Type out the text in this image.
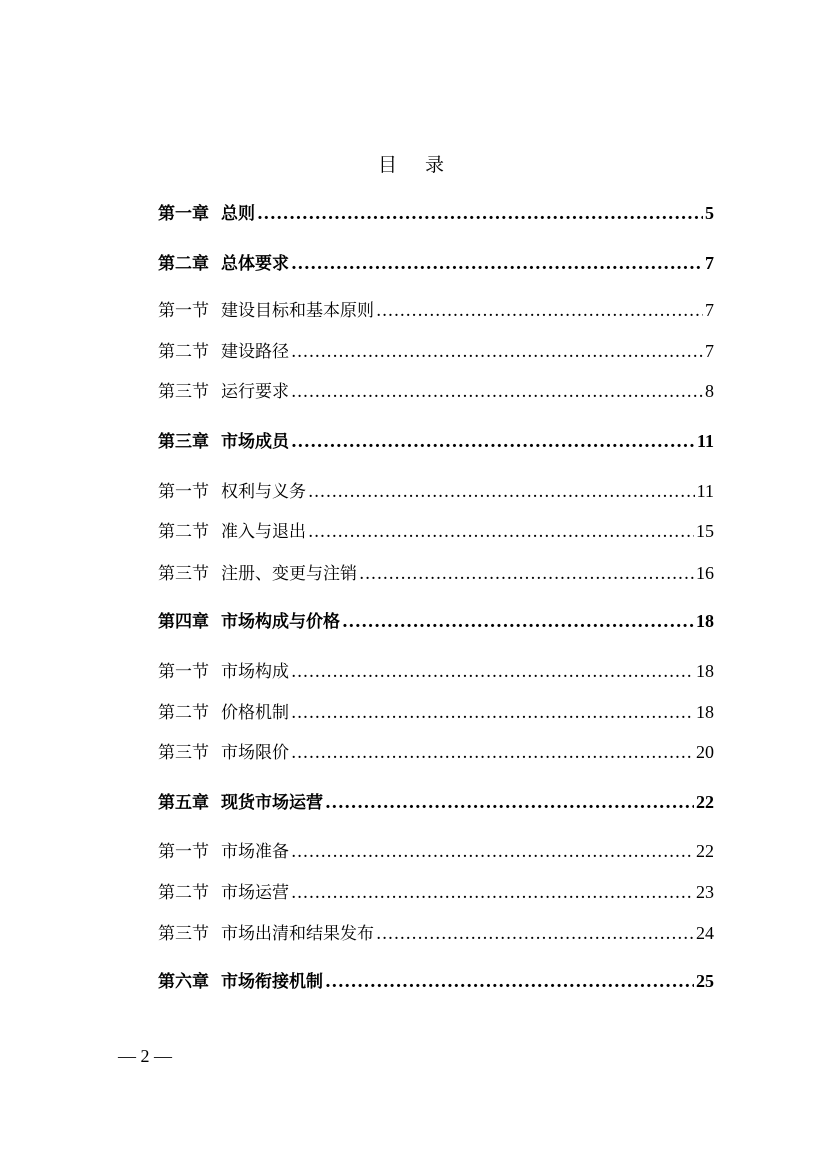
目录
第一章 总则 .....	5
第二章 总体要求 .....	7
第一节 建设目标和基本原则 .....	7
第二节 建设路径 .....	7
第三节 运行要求 .....	8
第三章 市场成员 .....	11
第一节 权利与义务 .....	11
第二节 准入与退出 .....	15
第三节 注册、变更与注销 .....	16
第四章 市场构成与价格 .....	18
第一节 市场构成 .....	18
第二节 价格机制 .....	18
第三节 市场限价 .....	20
第五章 现货市场运营 .....	22
第一节 市场准备 .....	22
第二节 市场运营 .....	23
第三节 市场出清和结果发布 .....	24
第六章 市场衔接机制 .....	25
— 2 —
